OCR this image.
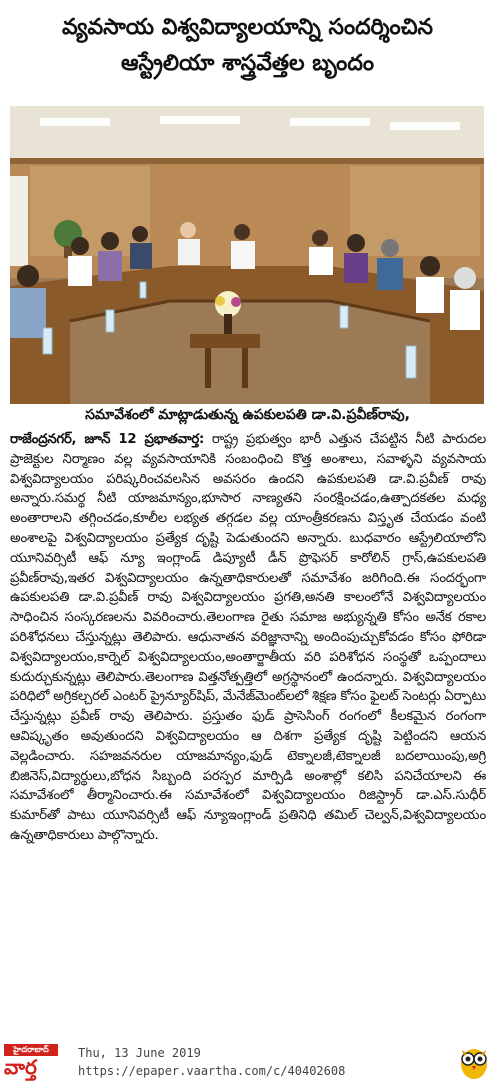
వ్యవసాయ విశ్వవిద్యాలయాన్ని సందర్శించిన
ఆస్ట్రేలియా శాస్త్రవేత్తల బృందం
సమావేశంలో మాట్లాడుతున్న ఉపకులపతి డా.వి.ప్రవీణ్‌రావు,
రాజేంద్రనగర్, జూన్ 12 ప్రభాతవార్త: రాష్ట్ర ప్రభుత్వం భారీ ఎత్తున చేపట్టిన నీటి పారుదల ప్రాజెక్టుల నిర్మాణం వల్ల వ్యవసాయానికి సంబంధించి కొత్త అంశాలు, సవాళ్ళని వ్యవసాయ విశ్వవిద్యాలయం పరిష్కరించవలసిన అవసరం ఉందని ఉపకులపతి డా.వి.ప్రవీణ్ రావు అన్నారు.సమర్థ నీటి యాజమాన్యం,భూసార నాణ్యతని సంరక్షించడం,ఉత్పాదకతల మధ్య అంతారాలని తగ్గించడం,కూలీల లభ్యత తగ్గడల వల్ల యాంత్రీకరణను విస్తృత చేయడం వంటి అంశాలపై విశ్వవిద్యాలయం ప్రత్యేక దృష్టి పెడుతుందని అన్నారు. బుధవారం ఆస్ట్రేలియాలోని యూనివర్సిటీ ఆఫ్ న్యూ ఇంగ్లాండ్ డిప్యూటీ డీన్ ప్రొఫెసర్ కారోలిన్ గ్రాస్,ఉపకులపతి ప్రవీణ్‌రావు,ఇతర విశ్వవిద్యాలయం ఉన్నతాధికారులతో సమావేశం జరిగింది.ఈ సందర్భంగా ఉపకులపతి డా.వి.ప్రవీణ్ రావు విశ్వవిద్యాలయం ప్రగతి,అనతి కాలంలోనే విశ్వవిద్యాలయం సాధించిన సంస్కరణలను వివరించారు.తెలంగాణ రైతు సమాజ అభ్యున్నతి కోసం అనేక రకాల పరిశోధనలు చేస్తున్నట్లు తెలిపారు. ఆధునాతన వరిజ్ఞానాన్ని అందింపుచ్చుకోవడం కోసం ఫోరిడా విశ్వవిద్యాలయం,కార్నెల్ విశ్వవిద్యాలయం,అంతార్జాతీయ వరి పరిశోధన సంస్థతో ఒప్పందాలు కుదుర్చుకున్నట్లు తెలిపారు.తెలంగాణ విత్తనోత్పత్తిలో అగ్రస్థానంలో ఉందన్నారు. విశ్వవిద్యాలయం పరిధిలో అగ్రికల్చరల్ ఎంటర్ ప్రైన్యూర్‌షిప్, మేనేజ్‌మెంట్‌లలో శిక్షణ కోసం ఫైలట్ సెంటర్లు ఏర్పాటు చేస్తున్నట్లు ప్రవీణ్ రావు తెలిపారు. ప్రస్తుతం ఫుడ్ ప్రాసెసింగ్ రంగంలో కీలకమైన రంగంగా ఆవిష్కృతం అవుతుందని విశ్వవిద్యాలయం ఆ దిశగా ప్రత్యేక దృష్టి పెట్టిందని ఆయన వెల్లడించారు. సహజవనరుల యాజమాన్యం,ఫుడ్ టెక్నాలజీ,టెక్నాలజీ బదలాయింపు,అగ్రి బిజినెస్,విద్యార్థులు,బోధన సిబ్బంది పరస్పర మార్పిడి అంశాల్లో కలిసి పనిచేయాలని ఈ సమావేశంలో తీర్మానించారు.ఈ సమావేశంలో విశ్వవిద్యాలయం రిజిస్ట్రార్ డా.ఎస్.సుధీర్ కుమార్‌తో పాటు యూనివర్సిటీ ఆఫ్ న్యూఇంగ్లాండ్ ప్రతినిధి తమిల్ చెల్వన్,విశ్వవిద్యాలయం ఉన్నతాధికారులు పాల్గొన్నారు.
హైదరాబాద్
వార్త
Thu, 13 June 2019
https://epaper.vaartha.com/c/40402608
